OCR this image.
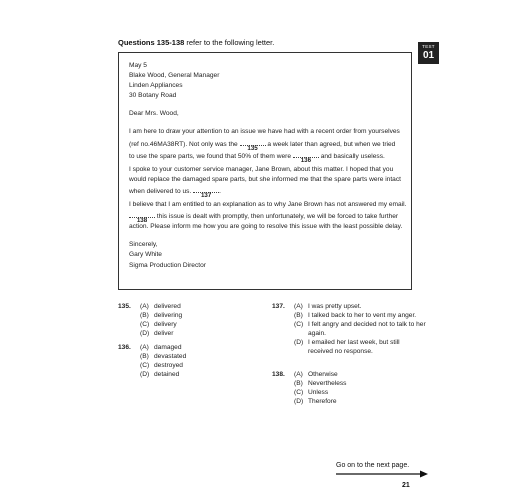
Questions 135-138 refer to the following letter.	TEST
01

May 5

Blake Wood, General Manager

Linden Appliances

30 Botany Road

Dear Mrs. Wood,

I am here to draw your attention to an issue we have had with a recent order from yourselves

(ref no.46MA38RT). Not only was the
135
a week later than agreed, but when we tried

to use the spare parts, we found that 50% of them were
136
and basically useless.

I spoke to your customer service manager, Jane Brown, about this matter. I hoped that you

would replace the damaged spare parts, but she informed me that the spare parts were intact

when delivered to us.
137
.

I believe that I am entitled to an explanation as to why Jane Brown has not answered my email.

138
this issue is dealt with promptly, then unfortunately, we will be forced to take further

action. Please inform me how you are going to resolve this issue with the least possible delay.

Sincerely,

Gary White

Sigma Production Director

135. (A) delivered
(B) delivering
(C) delivery
(D) deliver
136. (A) damaged
(B) devastated
(C) destroyed
(D) detained
137. (A) I was pretty upset.
(B) I talked back to her to vent my anger.
(C) I felt angry and decided not to talk to her again.
(D) I emailed her last week, but still received no response.
138. (A) Otherwise
(B) Nevertheless
(C) Unless
(D) Therefore
Go on to the next page.
21
